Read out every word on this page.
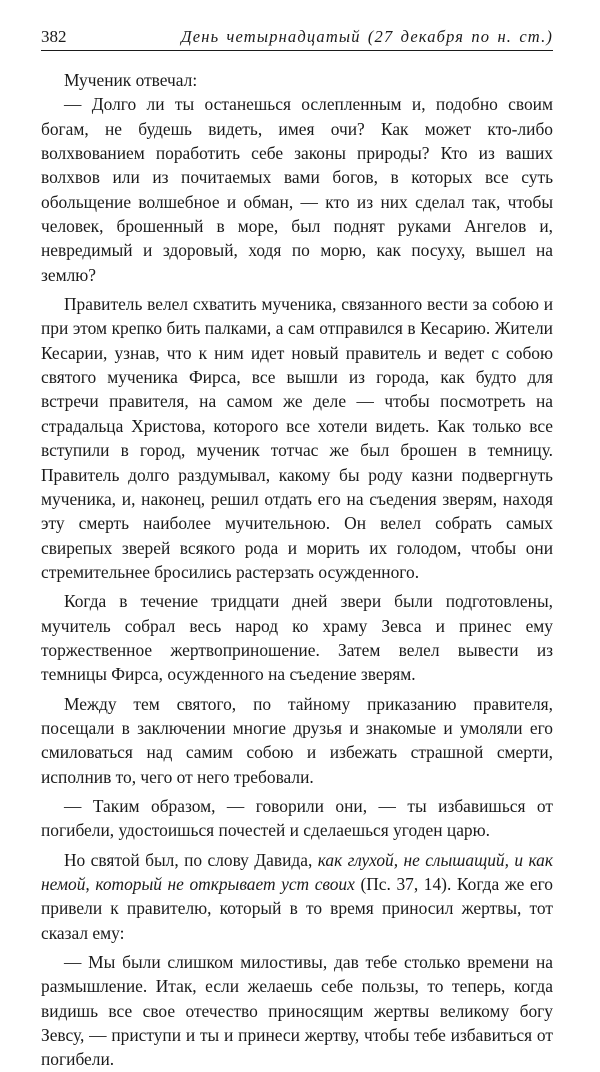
382	День четырнадцатый (27 декабря по н. ст.)

Мученик отвечал:

— Долго ли ты останешься ослепленным и, подобно своим богам, не будешь видеть, имея очи? Как может кто-либо волхвованием поработить себе законы природы? Кто из ваших волхвов или из почитаемых вами богов, в которых все суть обольщение волшебное и обман, — кто из них сделал так, чтобы человек, брошенный в море, был поднят руками Ангелов и, невредимый и здоровый, ходя по морю, как посуху, вышел на землю?

Правитель велел схватить мученика, связанного вести за собою и при этом крепко бить палками, а сам отправился в Кесарию. Жители Кесарии, узнав, что к ним идет новый правитель и ведет с собою святого мученика Фирса, все вышли из города, как будто для встречи правителя, на самом же деле — чтобы посмотреть на страдальца Христова, которого все хотели видеть. Как только все вступили в город, мученик тотчас же был брошен в темницу. Правитель долго раздумывал, какому бы роду казни подвергнуть мученика, и, наконец, решил отдать его на съедения зверям, находя эту смерть наиболее мучительною. Он велел собрать самых свирепых зверей всякого рода и морить их голодом, чтобы они стремительнее бросились растерзать осужденного.

Когда в течение тридцати дней звери были подготовлены, мучитель собрал весь народ ко храму Зевса и принес ему торжественное жертвоприношение. Затем велел вывести из темницы Фирса, осужденного на съедение зверям.

Между тем святого, по тайному приказанию правителя, посещали в заключении многие друзья и знакомые и умоляли его смиловаться над самим собою и избежать страшной смерти, исполнив то, чего от него требовали.

— Таким образом, — говорили они, — ты избавишься от погибели, удостоишься почестей и сделаешься угоден царю.

Но святой был, по слову Давида, как глухой, не слышащий, и как немой, который не открывает уст своих (Пс. 37, 14). Когда же его привели к правителю, который в то время приносил жертвы, тот сказал ему:

— Мы были слишком милостивы, дав тебе столько времени на размышление. Итак, если желаешь себе пользы, то теперь, когда видишь все свое отечество приносящим жертвы великому богу Зевсу, — приступи и ты и принеси жертву, чтобы тебе избавиться от погибели.
